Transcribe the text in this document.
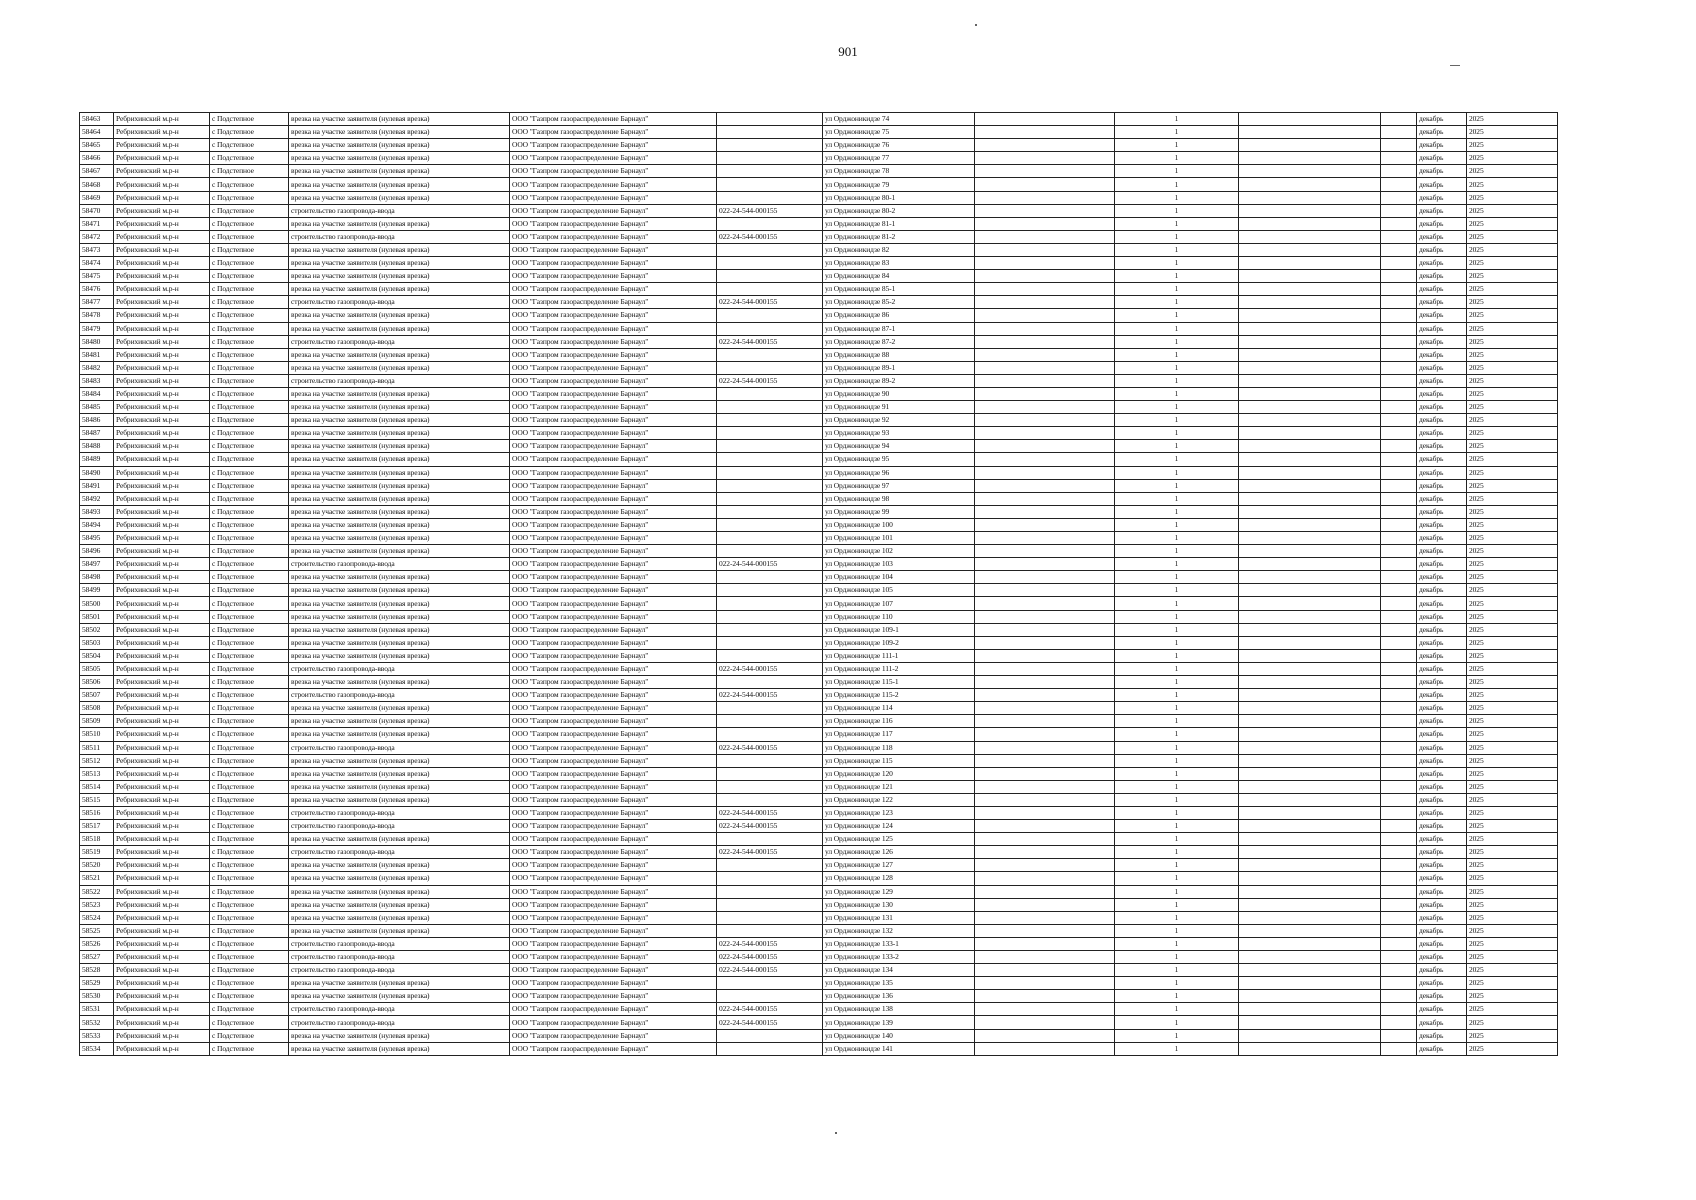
901
58463	Ребрихинский м.р-н	с Подстепное	врезка на участке заявителя (нулевая врезка)	ООО "Газпром газораспределение Барнаул"		ул Орджоникидзе 74		1			декабрь	2025
58464	Ребрихинский м.р-н	с Подстепное	врезка на участке заявителя (нулевая врезка)	ООО "Газпром газораспределение Барнаул"		ул Орджоникидзе 75		1			декабрь	2025
58465	Ребрихинский м.р-н	с Подстепное	врезка на участке заявителя (нулевая врезка)	ООО "Газпром газораспределение Барнаул"		ул Орджоникидзе 76		1			декабрь	2025
58466	Ребрихинский м.р-н	с Подстепное	врезка на участке заявителя (нулевая врезка)	ООО "Газпром газораспределение Барнаул"		ул Орджоникидзе 77		1			декабрь	2025
58467	Ребрихинский м.р-н	с Подстепное	врезка на участке заявителя (нулевая врезка)	ООО "Газпром газораспределение Барнаул"		ул Орджоникидзе 78		1			декабрь	2025
58468	Ребрихинский м.р-н	с Подстепное	врезка на участке заявителя (нулевая врезка)	ООО "Газпром газораспределение Барнаул"		ул Орджоникидзе 79		1			декабрь	2025
58469	Ребрихинский м.р-н	с Подстепное	врезка на участке заявителя (нулевая врезка)	ООО "Газпром газораспределение Барнаул"		ул Орджоникидзе 80-1		1			декабрь	2025
58470	Ребрихинский м.р-н	с Подстепное	строительство газопровода-ввода	ООО "Газпром газораспределение Барнаул"	022-24-544-000155	ул Орджоникидзе 80-2		1			декабрь	2025
58471	Ребрихинский м.р-н	с Подстепное	врезка на участке заявителя (нулевая врезка)	ООО "Газпром газораспределение Барнаул"		ул Орджоникидзе 81-1		1			декабрь	2025
58472	Ребрихинский м.р-н	с Подстепное	строительство газопровода-ввода	ООО "Газпром газораспределение Барнаул"	022-24-544-000155	ул Орджоникидзе 81-2		1			декабрь	2025
58473	Ребрихинский м.р-н	с Подстепное	врезка на участке заявителя (нулевая врезка)	ООО "Газпром газораспределение Барнаул"		ул Орджоникидзе 82		1			декабрь	2025
58474	Ребрихинский м.р-н	с Подстепное	врезка на участке заявителя (нулевая врезка)	ООО "Газпром газораспределение Барнаул"		ул Орджоникидзе 83		1			декабрь	2025
58475	Ребрихинский м.р-н	с Подстепное	врезка на участке заявителя (нулевая врезка)	ООО "Газпром газораспределение Барнаул"		ул Орджоникидзе 84		1			декабрь	2025
58476	Ребрихинский м.р-н	с Подстепное	врезка на участке заявителя (нулевая врезка)	ООО "Газпром газораспределение Барнаул"		ул Орджоникидзе 85-1		1			декабрь	2025
58477	Ребрихинский м.р-н	с Подстепное	строительство газопровода-ввода	ООО "Газпром газораспределение Барнаул"	022-24-544-000155	ул Орджоникидзе 85-2		1			декабрь	2025
58478	Ребрихинский м.р-н	с Подстепное	врезка на участке заявителя (нулевая врезка)	ООО "Газпром газораспределение Барнаул"		ул Орджоникидзе 86		1			декабрь	2025
58479	Ребрихинский м.р-н	с Подстепное	врезка на участке заявителя (нулевая врезка)	ООО "Газпром газораспределение Барнаул"		ул Орджоникидзе 87-1		1			декабрь	2025
58480	Ребрихинский м.р-н	с Подстепное	строительство газопровода-ввода	ООО "Газпром газораспределение Барнаул"	022-24-544-000155	ул Орджоникидзе 87-2		1			декабрь	2025
58481	Ребрихинский м.р-н	с Подстепное	врезка на участке заявителя (нулевая врезка)	ООО "Газпром газораспределение Барнаул"		ул Орджоникидзе 88		1			декабрь	2025
58482	Ребрихинский м.р-н	с Подстепное	врезка на участке заявителя (нулевая врезка)	ООО "Газпром газораспределение Барнаул"		ул Орджоникидзе 89-1		1			декабрь	2025
58483	Ребрихинский м.р-н	с Подстепное	строительство газопровода-ввода	ООО "Газпром газораспределение Барнаул"	022-24-544-000155	ул Орджоникидзе 89-2		1			декабрь	2025
58484	Ребрихинский м.р-н	с Подстепное	врезка на участке заявителя (нулевая врезка)	ООО "Газпром газораспределение Барнаул"		ул Орджоникидзе 90		1			декабрь	2025
58485	Ребрихинский м.р-н	с Подстепное	врезка на участке заявителя (нулевая врезка)	ООО "Газпром газораспределение Барнаул"		ул Орджоникидзе 91		1			декабрь	2025
58486	Ребрихинский м.р-н	с Подстепное	врезка на участке заявителя (нулевая врезка)	ООО "Газпром газораспределение Барнаул"		ул Орджоникидзе 92		1			декабрь	2025
58487	Ребрихинский м.р-н	с Подстепное	врезка на участке заявителя (нулевая врезка)	ООО "Газпром газораспределение Барнаул"		ул Орджоникидзе 93		1			декабрь	2025
58488	Ребрихинский м.р-н	с Подстепное	врезка на участке заявителя (нулевая врезка)	ООО "Газпром газораспределение Барнаул"		ул Орджоникидзе 94		1			декабрь	2025
58489	Ребрихинский м.р-н	с Подстепное	врезка на участке заявителя (нулевая врезка)	ООО "Газпром газораспределение Барнаул"		ул Орджоникидзе 95		1			декабрь	2025
58490	Ребрихинский м.р-н	с Подстепное	врезка на участке заявителя (нулевая врезка)	ООО "Газпром газораспределение Барнаул"		ул Орджоникидзе 96		1			декабрь	2025
58491	Ребрихинский м.р-н	с Подстепное	врезка на участке заявителя (нулевая врезка)	ООО "Газпром газораспределение Барнаул"		ул Орджоникидзе 97		1			декабрь	2025
58492	Ребрихинский м.р-н	с Подстепное	врезка на участке заявителя (нулевая врезка)	ООО "Газпром газораспределение Барнаул"		ул Орджоникидзе 98		1			декабрь	2025
58493	Ребрихинский м.р-н	с Подстепное	врезка на участке заявителя (нулевая врезка)	ООО "Газпром газораспределение Барнаул"		ул Орджоникидзе 99		1			декабрь	2025
58494	Ребрихинский м.р-н	с Подстепное	врезка на участке заявителя (нулевая врезка)	ООО "Газпром газораспределение Барнаул"		ул Орджоникидзе 100		1			декабрь	2025
58495	Ребрихинский м.р-н	с Подстепное	врезка на участке заявителя (нулевая врезка)	ООО "Газпром газораспределение Барнаул"		ул Орджоникидзе 101		1			декабрь	2025
58496	Ребрихинский м.р-н	с Подстепное	врезка на участке заявителя (нулевая врезка)	ООО "Газпром газораспределение Барнаул"		ул Орджоникидзе 102		1			декабрь	2025
58497	Ребрихинский м.р-н	с Подстепное	строительство газопровода-ввода	ООО "Газпром газораспределение Барнаул"	022-24-544-000155	ул Орджоникидзе 103		1			декабрь	2025
58498	Ребрихинский м.р-н	с Подстепное	врезка на участке заявителя (нулевая врезка)	ООО "Газпром газораспределение Барнаул"		ул Орджоникидзе 104		1			декабрь	2025
58499	Ребрихинский м.р-н	с Подстепное	врезка на участке заявителя (нулевая врезка)	ООО "Газпром газораспределение Барнаул"		ул Орджоникидзе 105		1			декабрь	2025
58500	Ребрихинский м.р-н	с Подстепное	врезка на участке заявителя (нулевая врезка)	ООО "Газпром газораспределение Барнаул"		ул Орджоникидзе 107		1			декабрь	2025
58501	Ребрихинский м.р-н	с Подстепное	врезка на участке заявителя (нулевая врезка)	ООО "Газпром газораспределение Барнаул"		ул Орджоникидзе 110		1			декабрь	2025
58502	Ребрихинский м.р-н	с Подстепное	врезка на участке заявителя (нулевая врезка)	ООО "Газпром газораспределение Барнаул"		ул Орджоникидзе 109-1		1			декабрь	2025
58503	Ребрихинский м.р-н	с Подстепное	врезка на участке заявителя (нулевая врезка)	ООО "Газпром газораспределение Барнаул"		ул Орджоникидзе 109-2		1			декабрь	2025
58504	Ребрихинский м.р-н	с Подстепное	врезка на участке заявителя (нулевая врезка)	ООО "Газпром газораспределение Барнаул"		ул Орджоникидзе 111-1		1			декабрь	2025
58505	Ребрихинский м.р-н	с Подстепное	строительство газопровода-ввода	ООО "Газпром газораспределение Барнаул"	022-24-544-000155	ул Орджоникидзе 111-2		1			декабрь	2025
58506	Ребрихинский м.р-н	с Подстепное	врезка на участке заявителя (нулевая врезка)	ООО "Газпром газораспределение Барнаул"		ул Орджоникидзе 115-1		1			декабрь	2025
58507	Ребрихинский м.р-н	с Подстепное	строительство газопровода-ввода	ООО "Газпром газораспределение Барнаул"	022-24-544-000155	ул Орджоникидзе 115-2		1			декабрь	2025
58508	Ребрихинский м.р-н	с Подстепное	врезка на участке заявителя (нулевая врезка)	ООО "Газпром газораспределение Барнаул"		ул Орджоникидзе 114		1			декабрь	2025
58509	Ребрихинский м.р-н	с Подстепное	врезка на участке заявителя (нулевая врезка)	ООО "Газпром газораспределение Барнаул"		ул Орджоникидзе 116		1			декабрь	2025
58510	Ребрихинский м.р-н	с Подстепное	врезка на участке заявителя (нулевая врезка)	ООО "Газпром газораспределение Барнаул"		ул Орджоникидзе 117		1			декабрь	2025
58511	Ребрихинский м.р-н	с Подстепное	строительство газопровода-ввода	ООО "Газпром газораспределение Барнаул"	022-24-544-000155	ул Орджоникидзе 118		1			декабрь	2025
58512	Ребрихинский м.р-н	с Подстепное	врезка на участке заявителя (нулевая врезка)	ООО "Газпром газораспределение Барнаул"		ул Орджоникидзе 115		1			декабрь	2025
58513	Ребрихинский м.р-н	с Подстепное	врезка на участке заявителя (нулевая врезка)	ООО "Газпром газораспределение Барнаул"		ул Орджоникидзе 120		1			декабрь	2025
58514	Ребрихинский м.р-н	с Подстепное	врезка на участке заявителя (нулевая врезка)	ООО "Газпром газораспределение Барнаул"		ул Орджоникидзе 121		1			декабрь	2025
58515	Ребрихинский м.р-н	с Подстепное	врезка на участке заявителя (нулевая врезка)	ООО "Газпром газораспределение Барнаул"		ул Орджоникидзе 122		1			декабрь	2025
58516	Ребрихинский м.р-н	с Подстепное	строительство газопровода-ввода	ООО "Газпром газораспределение Барнаул"	022-24-544-000155	ул Орджоникидзе 123		1			декабрь	2025
58517	Ребрихинский м.р-н	с Подстепное	строительство газопровода-ввода	ООО "Газпром газораспределение Барнаул"	022-24-544-000155	ул Орджоникидзе 124		1			декабрь	2025
58518	Ребрихинский м.р-н	с Подстепное	врезка на участке заявителя (нулевая врезка)	ООО "Газпром газораспределение Барнаул"		ул Орджоникидзе 125		1			декабрь	2025
58519	Ребрихинский м.р-н	с Подстепное	строительство газопровода-ввода	ООО "Газпром газораспределение Барнаул"	022-24-544-000155	ул Орджоникидзе 126		1			декабрь	2025
58520	Ребрихинский м.р-н	с Подстепное	врезка на участке заявителя (нулевая врезка)	ООО "Газпром газораспределение Барнаул"		ул Орджоникидзе 127		1			декабрь	2025
58521	Ребрихинский м.р-н	с Подстепное	врезка на участке заявителя (нулевая врезка)	ООО "Газпром газораспределение Барнаул"		ул Орджоникидзе 128		1			декабрь	2025
58522	Ребрихинский м.р-н	с Подстепное	врезка на участке заявителя (нулевая врезка)	ООО "Газпром газораспределение Барнаул"		ул Орджоникидзе 129		1			декабрь	2025
58523	Ребрихинский м.р-н	с Подстепное	врезка на участке заявителя (нулевая врезка)	ООО "Газпром газораспределение Барнаул"		ул Орджоникидзе 130		1			декабрь	2025
58524	Ребрихинский м.р-н	с Подстепное	врезка на участке заявителя (нулевая врезка)	ООО "Газпром газораспределение Барнаул"		ул Орджоникидзе 131		1			декабрь	2025
58525	Ребрихинский м.р-н	с Подстепное	врезка на участке заявителя (нулевая врезка)	ООО "Газпром газораспределение Барнаул"		ул Орджоникидзе 132		1			декабрь	2025
58526	Ребрихинский м.р-н	с Подстепное	строительство газопровода-ввода	ООО "Газпром газораспределение Барнаул"	022-24-544-000155	ул Орджоникидзе 133-1		1			декабрь	2025
58527	Ребрихинский м.р-н	с Подстепное	строительство газопровода-ввода	ООО "Газпром газораспределение Барнаул"	022-24-544-000155	ул Орджоникидзе 133-2		1			декабрь	2025
58528	Ребрихинский м.р-н	с Подстепное	строительство газопровода-ввода	ООО "Газпром газораспределение Барнаул"	022-24-544-000155	ул Орджоникидзе 134		1			декабрь	2025
58529	Ребрихинский м.р-н	с Подстепное	врезка на участке заявителя (нулевая врезка)	ООО "Газпром газораспределение Барнаул"		ул Орджоникидзе 135		1			декабрь	2025
58530	Ребрихинский м.р-н	с Подстепное	врезка на участке заявителя (нулевая врезка)	ООО "Газпром газораспределение Барнаул"		ул Орджоникидзе 136		1			декабрь	2025
58531	Ребрихинский м.р-н	с Подстепное	строительство газопровода-ввода	ООО "Газпром газораспределение Барнаул"	022-24-544-000155	ул Орджоникидзе 138		1			декабрь	2025
58532	Ребрихинский м.р-н	с Подстепное	строительство газопровода-ввода	ООО "Газпром газораспределение Барнаул"	022-24-544-000155	ул Орджоникидзе 139		1			декабрь	2025
58533	Ребрихинский м.р-н	с Подстепное	врезка на участке заявителя (нулевая врезка)	ООО "Газпром газораспределение Барнаул"		ул Орджоникидзе 140		1			декабрь	2025
58534	Ребрихинский м.р-н	с Подстепное	врезка на участке заявителя (нулевая врезка)	ООО "Газпром газораспределение Барнаул"		ул Орджоникидзе 141		1			декабрь	2025
